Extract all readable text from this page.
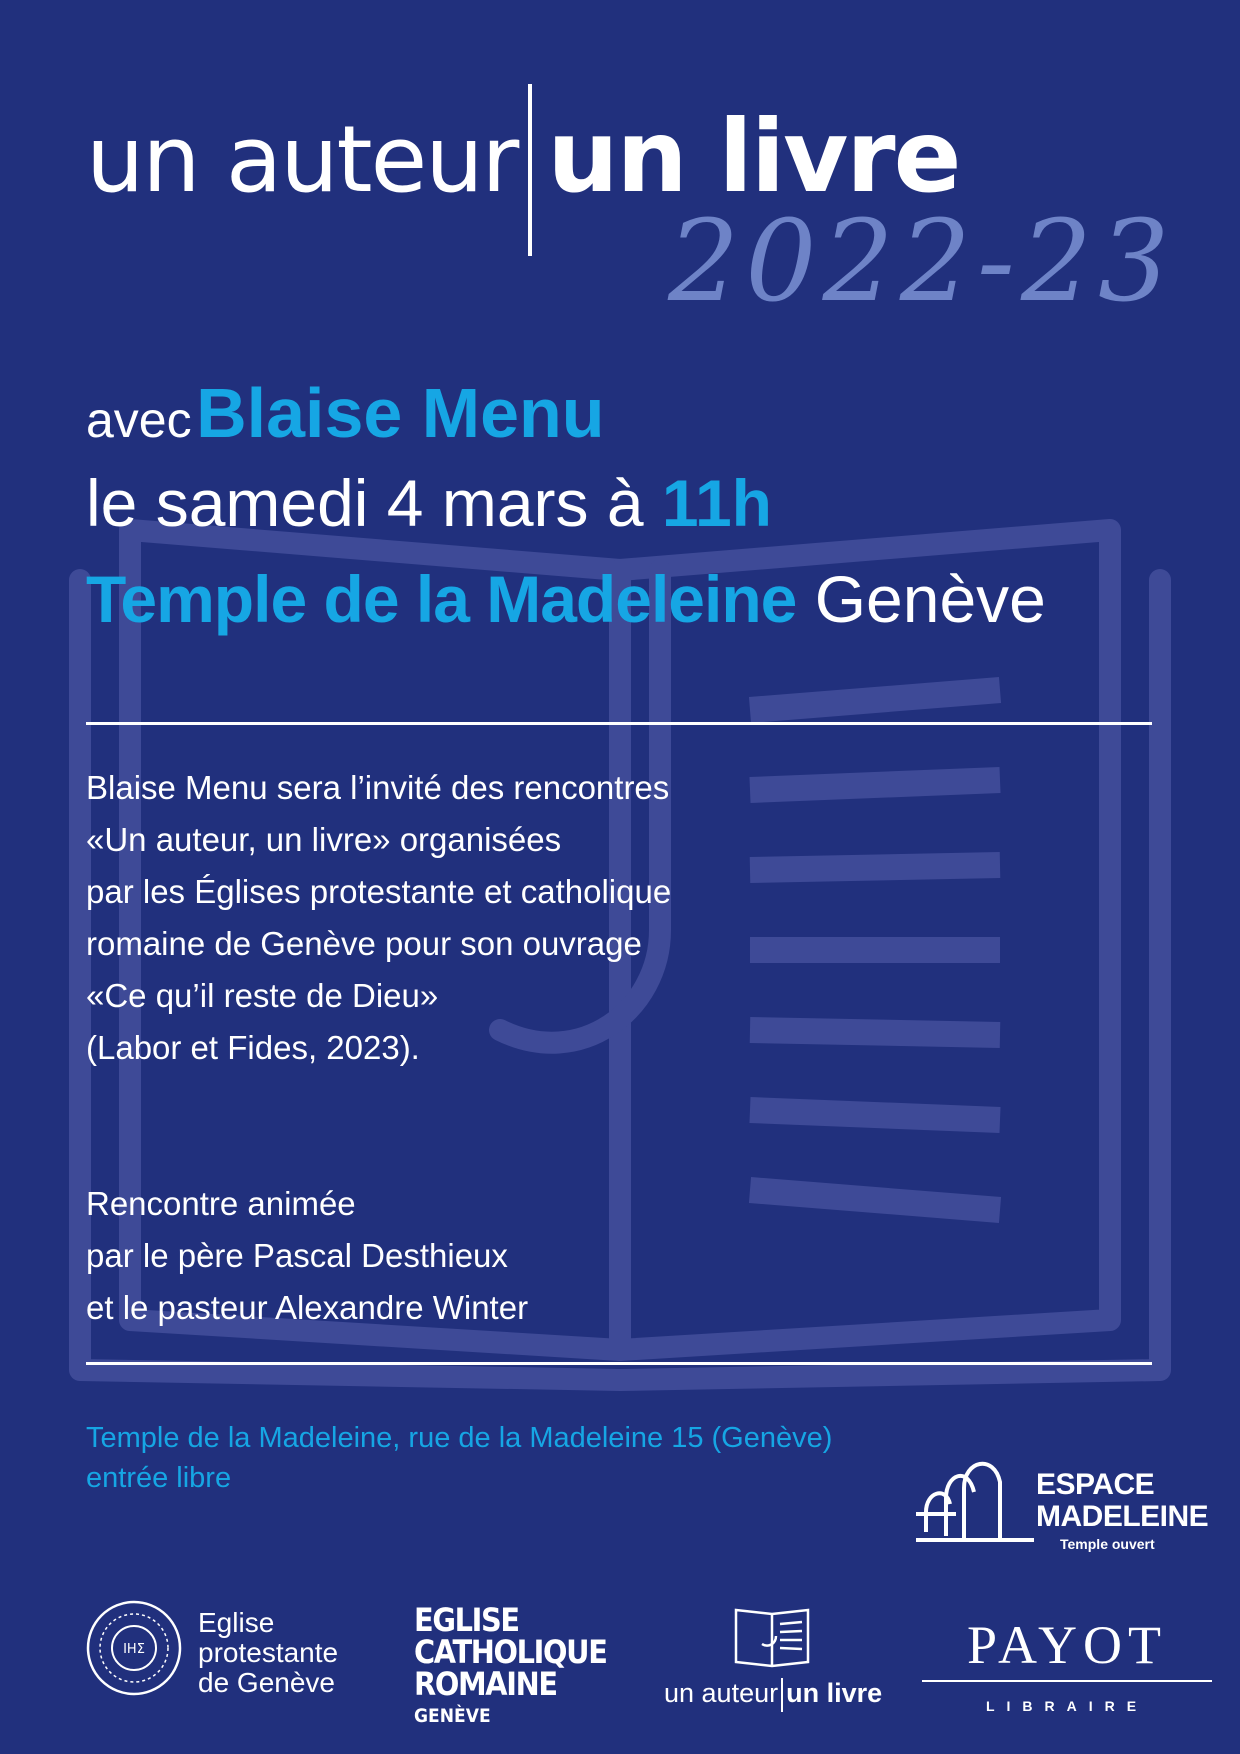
un auteur un livre
2022-23
avec Blaise Menu
le samedi 4 mars à 11h
Temple de la Madeleine Genève
Blaise Menu sera l’invité des rencontres
«Un auteur, un livre» organisées
par les Églises protestante et catholique
romaine de Genève pour son ouvrage
«Ce qu’il reste de Dieu»
(Labor et Fides, 2023).
Rencontre animée
par le père Pascal Desthieux
et le pasteur Alexandre Winter
Temple de la Madeleine, rue de la Madeleine 15 (Genève)
entrée libre	ESPACE
MADELEINE
Temple ouvert
IHΣ
Eglise
protestante
de Genève
EGLISE
CATHOLIQUE
ROMAINE
GENÈVE
un auteur un livre
PAYOT
LIBRAIRE
